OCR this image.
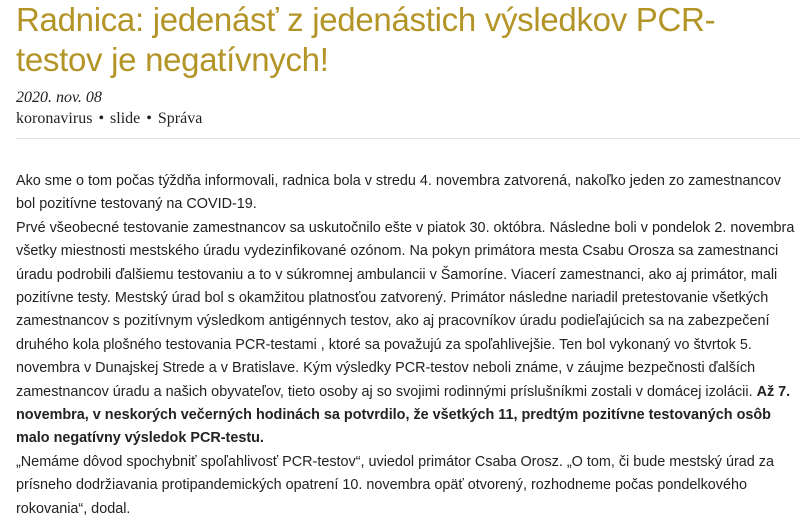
Radnica: jedenásť z jedenástich výsledkov PCR-testov je negatívnych!
2020. nov. 08
koronavirus • slide • Správa

Ako sme o tom počas týždňa informovali, radnica bola v stredu 4. novembra zatvorená, nakoľko jeden zo zamestnancov bol pozitívne testovaný na COVID-19.

Prvé všeobecné testovanie zamestnancov sa uskutočnilo ešte v piatok 30. októbra. Následne boli v pondelok 2. novembra všetky miestnosti mestského úradu vydezinfikované ozónom. Na pokyn primátora mesta Csabu Orosza sa zamestnanci úradu podrobili ďalšiemu testovaniu a to v súkromnej ambulancii v Šamoríne. Viacerí zamestnanci, ako aj primátor, mali pozitívne testy. Mestský úrad bol s okamžitou platnosťou zatvorený. Primátor následne nariadil pretestovanie všetkých zamestnancov s pozitívnym výsledkom antigénnych testov, ako aj pracovníkov úradu podieľajúcich sa na zabezpečení druhého kola plošného testovania PCR-testami , ktoré sa považujú za spoľahlivejšie. Ten bol vykonaný vo štvrtok 5. novembra v Dunajskej Strede a v Bratislave. Kým výsledky PCR-testov neboli známe, v záujme bezpečnosti ďalších zamestnancov úradu a našich obyvateľov, tieto osoby aj so svojimi rodinnými príslušníkmi zostali v domácej izolácii. Až 7. novembra, v neskorých večerných hodinách sa potvrdilo, že všetkých 11, predtým pozitívne testovaných osôb malo negatívny výsledok PCR-testu.

„Nemáme dôvod spochybniť spoľahlivosť PCR-testov“, uviedol primátor Csaba Orosz. „O tom, či bude mestský úrad za prísneho dodržiavania protipandemických opatrení 10. novembra opäť otvorený, rozhodneme počas pondelkového rokovania“, dodal.
